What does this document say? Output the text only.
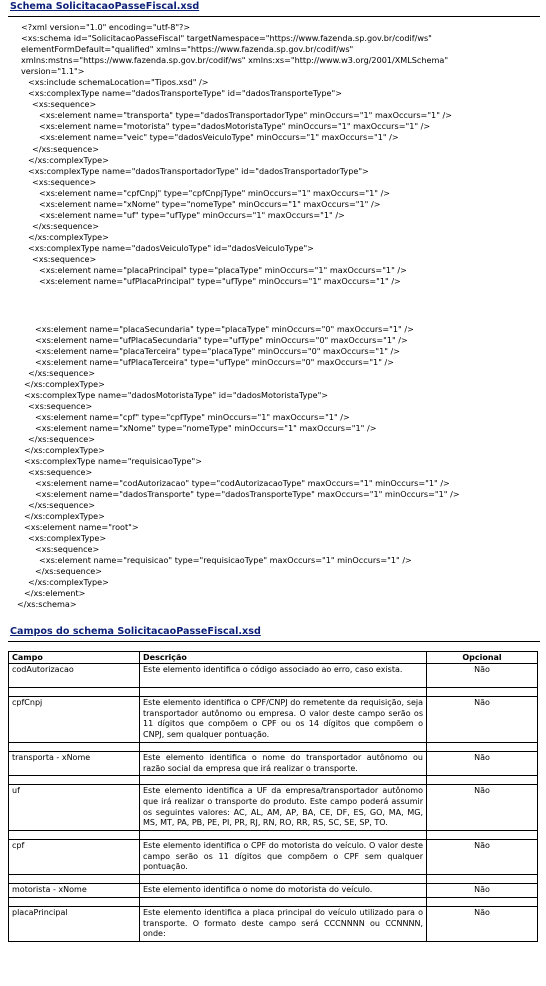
Schema SolicitacaoPasseFiscal.xsd

<?xml version="1.0" encoding="utf-8"?>

<xs:schema id="SolicitacaoPasseFiscal" targetNamespace="https://www.fazenda.sp.gov.br/codif/ws"

elementFormDefault="qualified" xmlns="https://www.fazenda.sp.gov.br/codif/ws"

xmlns:mstns="https://www.fazenda.sp.gov.br/codif/ws" xmlns:xs="http://www.w3.org/2001/XMLSchema"

version="1.1">

<xs:include schemaLocation="Tipos.xsd" />

<xs:complexType name="dadosTransporteType" id="dadosTransporteType">

<xs:sequence>

<xs:element name="transporta" type="dadosTransportadorType" minOccurs="1" maxOccurs="1" />

<xs:element name="motorista" type="dadosMotoristaType" minOccurs="1" maxOccurs="1" />

<xs:element name="veic" type="dadosVeiculoType" minOccurs="1" maxOccurs="1" />

</xs:sequence>

</xs:complexType>

<xs:complexType name="dadosTransportadorType" id="dadosTransportadorType">

<xs:sequence>

<xs:element name="cpfCnpj" type="cpfCnpjType" minOccurs="1" maxOccurs="1" />

<xs:element name="xNome" type="nomeType" minOccurs="1" maxOccurs="1" />

<xs:element name="uf" type="ufType" minOccurs="1" maxOccurs="1" />

</xs:sequence>

</xs:complexType>

<xs:complexType name="dadosVeiculoType" id="dadosVeiculoType">

<xs:sequence>

<xs:element name="placaPrincipal" type="placaType" minOccurs="1" maxOccurs="1" />

<xs:element name="ufPlacaPrincipal" type="ufType" minOccurs="1" maxOccurs="1" />

<xs:element name="placaSecundaria" type="placaType" minOccurs="0" maxOccurs="1" />

<xs:element name="ufPlacaSecundaria" type="ufType" minOccurs="0" maxOccurs="1" />

<xs:element name="placaTerceira" type="placaType" minOccurs="0" maxOccurs="1" />

<xs:element name="ufPlacaTerceira" type="ufType" minOccurs="0" maxOccurs="1" />

</xs:sequence>

</xs:complexType>

<xs:complexType name="dadosMotoristaType" id="dadosMotoristaType">

<xs:sequence>

<xs:element name="cpf" type="cpfType" minOccurs="1" maxOccurs="1" />

<xs:element name="xNome" type="nomeType" minOccurs="1" maxOccurs="1" />

</xs:sequence>

</xs:complexType>

<xs:complexType name="requisicaoType">

<xs:sequence>

<xs:element name="codAutorizacao" type="codAutorizacaoType" maxOccurs="1" minOccurs="1" />

<xs:element name="dadosTransporte" type="dadosTransporteType" maxOccurs="1" minOccurs="1" />

</xs:sequence>

</xs:complexType>

<xs:element name="root">

<xs:complexType>

<xs:sequence>

<xs:element name="requisicao" type="requisicaoType" maxOccurs="1" minOccurs="1" />

</xs:sequence>

</xs:complexType>

</xs:element>

</xs:schema>

Campos do schema SolicitacaoPasseFiscal.xsd
Campo	Descrição	Opcional
codAutorizacao	Este elemento identifica o código associado ao erro, caso exista.	Não

cpfCnpj	Este elemento identifica o CPF/CNPJ do remetente da requisição, seja transportador autônomo ou empresa. O valor deste campo serão os 11 dígitos que compõem o CPF ou os 14 dígitos que compõem o CNPJ, sem qualquer pontuação.	Não

transporta - xNome	Este elemento identifica o nome do transportador autônomo ou razão social da empresa que irá realizar o transporte.	Não

uf	Este elemento identifica a UF da empresa/transportador autônomo que irá realizar o transporte do produto. Este campo poderá assumir os seguintes valores: AC, AL, AM, AP, BA, CE, DF, ES, GO, MA, MG, MS, MT, PA, PB, PE, PI, PR, RJ, RN, RO, RR, RS, SC, SE, SP, TO.	Não

cpf	Este elemento identifica o CPF do motorista do veículo. O valor deste campo serão os 11 dígitos que compõem o CPF sem qualquer pontuação.	Não

motorista - xNome	Este elemento identifica o nome do motorista do veículo.	Não

placaPrincipal	Este elemento identifica a placa principal do veículo utilizado para o transporte. O formato deste campo será CCCNNNN ou CCNNNN, onde:	Não
